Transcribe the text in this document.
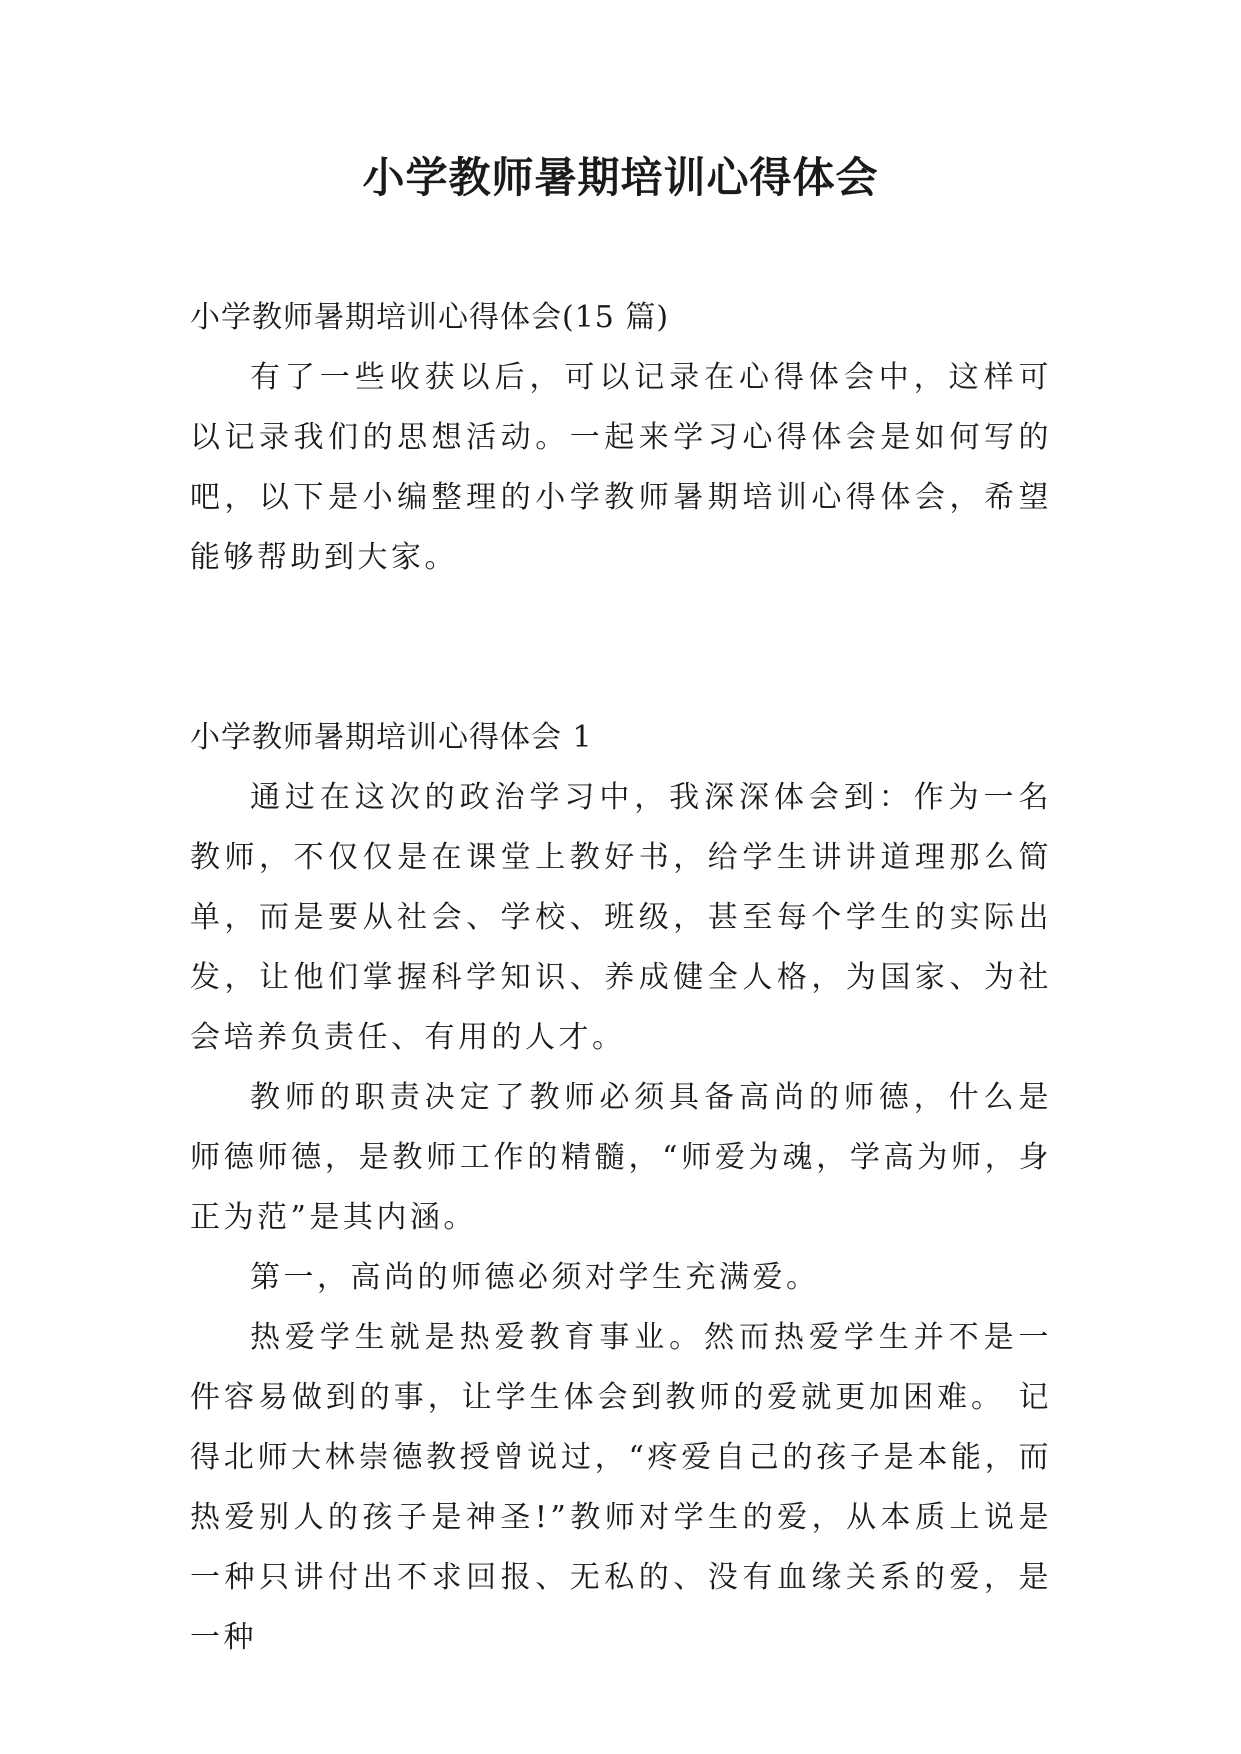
小学教师暑期培训心得体会

小学教师暑期培训心得体会(15 篇)

有了一些收获以后，可以记录在心得体会中，这样可以记录我们的思想活动。一起来学习心得体会是如何写的吧，以下是小编整理的小学教师暑期培训心得体会，希望能够帮助到大家。

小学教师暑期培训心得体会 1

通过在这次的政治学习中，我深深体会到：作为一名教师，不仅仅是在课堂上教好书，给学生讲讲道理那么简单，而是要从社会、学校、班级，甚至每个学生的实际出发，让他们掌握科学知识、养成健全人格，为国家、为社会培养负责任、有用的人才。

教师的职责决定了教师必须具备高尚的师德，什么是师德师德，是教师工作的精髓，“师爱为魂，学高为师，身正为范”是其内涵。

第一，高尚的师德必须对学生充满爱。

热爱学生就是热爱教育事业。然而热爱学生并不是一件容易做到的事，让学生体会到教师的爱就更加困难。 记得北师大林崇德教授曾说过，“疼爱自己的孩子是本能，而热爱别人的孩子是神圣!”教师对学生的爱，从本质上说是一种只讲付出不求回报、无私的、没有血缘关系的爱，是一种
